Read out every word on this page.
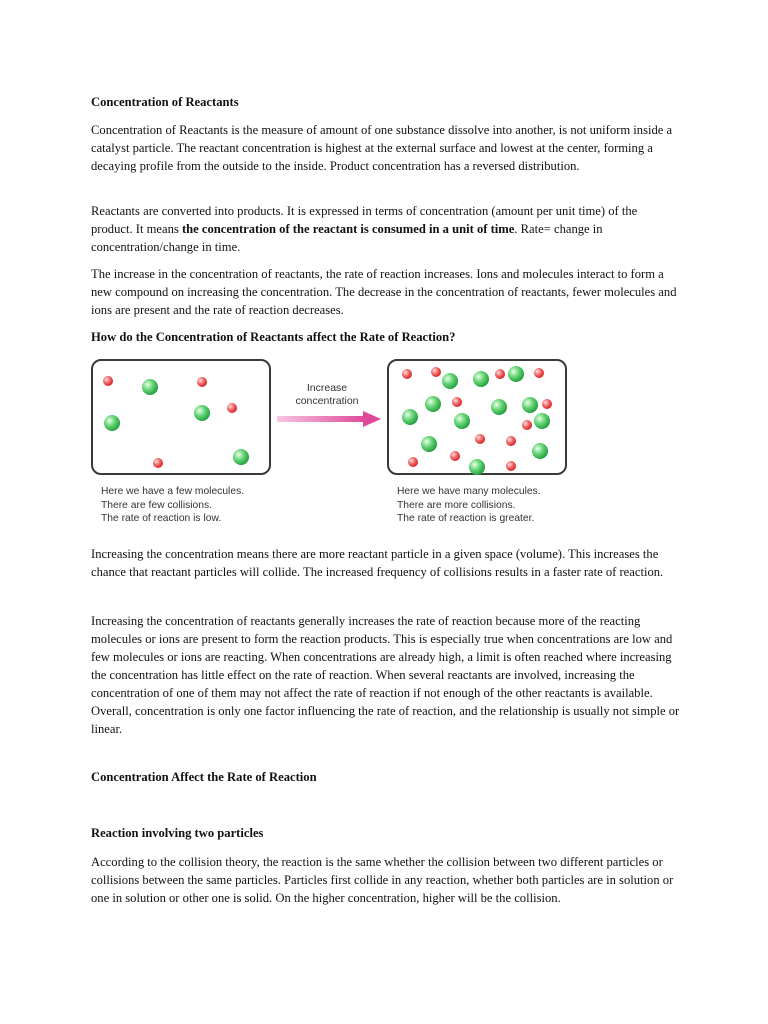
Concentration of Reactants

Concentration of Reactants is the measure of amount of one substance dissolve into another, is not uniform inside a catalyst particle. The reactant concentration is highest at the external surface and lowest at the center, forming a decaying profile from the outside to the inside. Product concentration has a reversed distribution.

Reactants are converted into products. It is expressed in terms of concentration (amount per unit time) of the product. It means the concentration of the reactant is consumed in a unit of time. Rate= change in concentration/change in time.

The increase in the concentration of reactants, the rate of reaction increases. Ions and molecules interact to form a new compound on increasing the concentration. The decrease in the concentration of reactants, fewer molecules and ions are present and the rate of reaction decreases.

How do the Concentration of Reactants affect the Rate of Reaction?
Increase
concentration
Here we have a few molecules.
There are few collisions.
The rate of reaction is low.
Here we have many molecules.
There are more collisions.
The rate of reaction is greater.

Increasing the concentration means there are more reactant particle in a given space (volume). This increases the chance that reactant particles will collide. The increased frequency of collisions results in a faster rate of reaction.

Increasing the concentration of reactants generally increases the rate of reaction because more of the reacting molecules or ions are present to form the reaction products. This is especially true when concentrations are low and few molecules or ions are reacting. When concentrations are already high, a limit is often reached where increasing the concentration has little effect on the rate of reaction. When several reactants are involved, increasing the concentration of one of them may not affect the rate of reaction if not enough of the other reactants is available. Overall, concentration is only one factor influencing the rate of reaction, and the relationship is usually not simple or linear.

Concentration Affect the Rate of Reaction
Reaction involving two particles

According to the collision theory, the reaction is the same whether the collision between two different particles or collisions between the same particles. Particles first collide in any reaction, whether both particles are in solution or one in solution or other one is solid. On the higher concentration, higher will be the collision.
